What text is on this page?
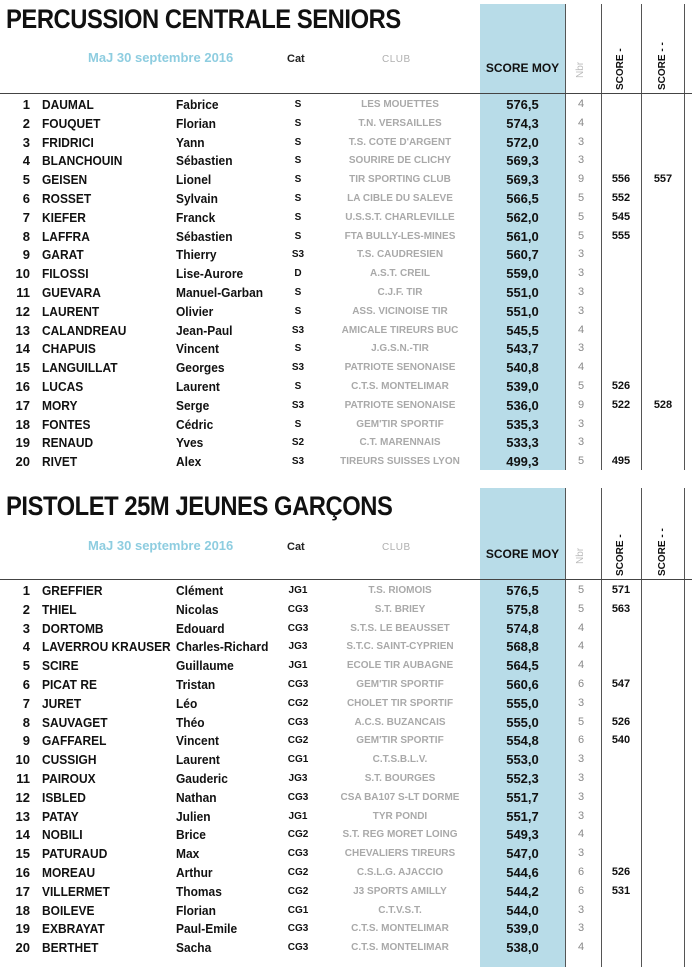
PERCUSSION CENTRALE SENIORS
MaJ 30 septembre 2016	Cat	CLUB
SCORE MOY	Nbr	SCORE -	SCORE - -
1 DAUMAL	Fabrice	S	LES MOUETTES	576,5	4
2 FOUQUET	Florian	S	T.N. VERSAILLES	574,3	4
3 FRIDRICI	Yann	S	T.S. COTE D'ARGENT	572,0	3
4 BLANCHOUIN	Sébastien	S	SOURIRE DE CLICHY	569,3	3
5 GEISEN	Lionel	S	TIR SPORTING CLUB	569,3	9	556	557
6 ROSSET	Sylvain	S	LA CIBLE DU SALEVE	566,5	5	552
7 KIEFER	Franck	S	U.S.S.T. CHARLEVILLE	562,0	5	545
8 LAFFRA	Sébastien	S	FTA BULLY-LES-MINES	561,0	5	555
9 GARAT	Thierry	S3	T.S. CAUDRESIEN	560,7	3
10 FILOSSI	Lise-Aurore	D	A.S.T. CREIL	559,0	3
11 GUEVARA	Manuel-Garban	S	C.J.F. TIR	551,0	3
12 LAURENT	Olivier	S	ASS. VICINOISE TIR	551,0	3
13 CALANDREAU	Jean-Paul	S3	AMICALE TIREURS BUC	545,5	4
14 CHAPUIS	Vincent	S	J.G.S.N.-TIR	543,7	3
15 LANGUILLAT	Georges	S3	PATRIOTE SENONAISE	540,8	4
16 LUCAS	Laurent	S	C.T.S. MONTELIMAR	539,0	5	526
17 MORY	Serge	S3	PATRIOTE SENONAISE	536,0	9	522	528
18 FONTES	Cédric	S	GEM'TIR SPORTIF	535,3	3
19 RENAUD	Yves	S2	C.T. MARENNAIS	533,3	3
20 RIVET	Alex	S3	TIREURS SUISSES LYON	499,3	5	495
PISTOLET 25M JEUNES GARÇONS
MaJ 30 septembre 2016	Cat	CLUB	SCORE MOY	Nbr	SCORE -	SCORE - -
1 GREFFIER	Clément	JG1	T.S. RIOMOIS	576,5	5	571
2 THIEL	Nicolas	CG3	S.T. BRIEY	575,8	5	563
3 DORTOMB	Edouard	CG3	S.T.S. LE BEAUSSET	574,8	4
4 LAVERROU KRAUSER Charles-Richard	JG3	S.T.C. SAINT-CYPRIEN	568,8	4
5 SCIRE	Guillaume	JG1	ECOLE TIR AUBAGNE	564,5	4
6 PICAT RE	Tristan	CG3	GEM'TIR SPORTIF	560,6	6	547
7 JURET	Léo	CG2	CHOLET TIR SPORTIF	555,0	3
8 SAUVAGET	Théo	CG3	A.C.S. BUZANCAIS	555,0	5	526
9 GAFFAREL	Vincent	CG2	GEM'TIR SPORTIF	554,8	6	540
10 CUSSIGH	Laurent	CG1	C.T.S.B.L.V.	553,0	3
11 PAIROUX	Gauderic	JG3	S.T. BOURGES	552,3	3
12 ISBLED	Nathan	CG3	CSA BA107 S-LT DORME	551,7	3
13 PATAY	Julien	JG1	TYR PONDI	551,7	3
14 NOBILI	Brice	CG2	S.T. REG MORET LOING	549,3	4
15 PATURAUD	Max	CG3	CHEVALIERS TIREURS	547,0	3
16 MOREAU	Arthur	CG2	C.S.L.G. AJACCIO	544,6	6	526
17 VILLERMET	Thomas	CG2	J3 SPORTS AMILLY	544,2	6	531
18 BOILEVE	Florian	CG1	C.T.V.S.T.	544,0	3
19 EXBRAYAT	Paul-Emile	CG3	C.T.S. MONTELIMAR	539,0	3
20 BERTHET	Sacha	CG3	C.T.S. MONTELIMAR	538,0	4
